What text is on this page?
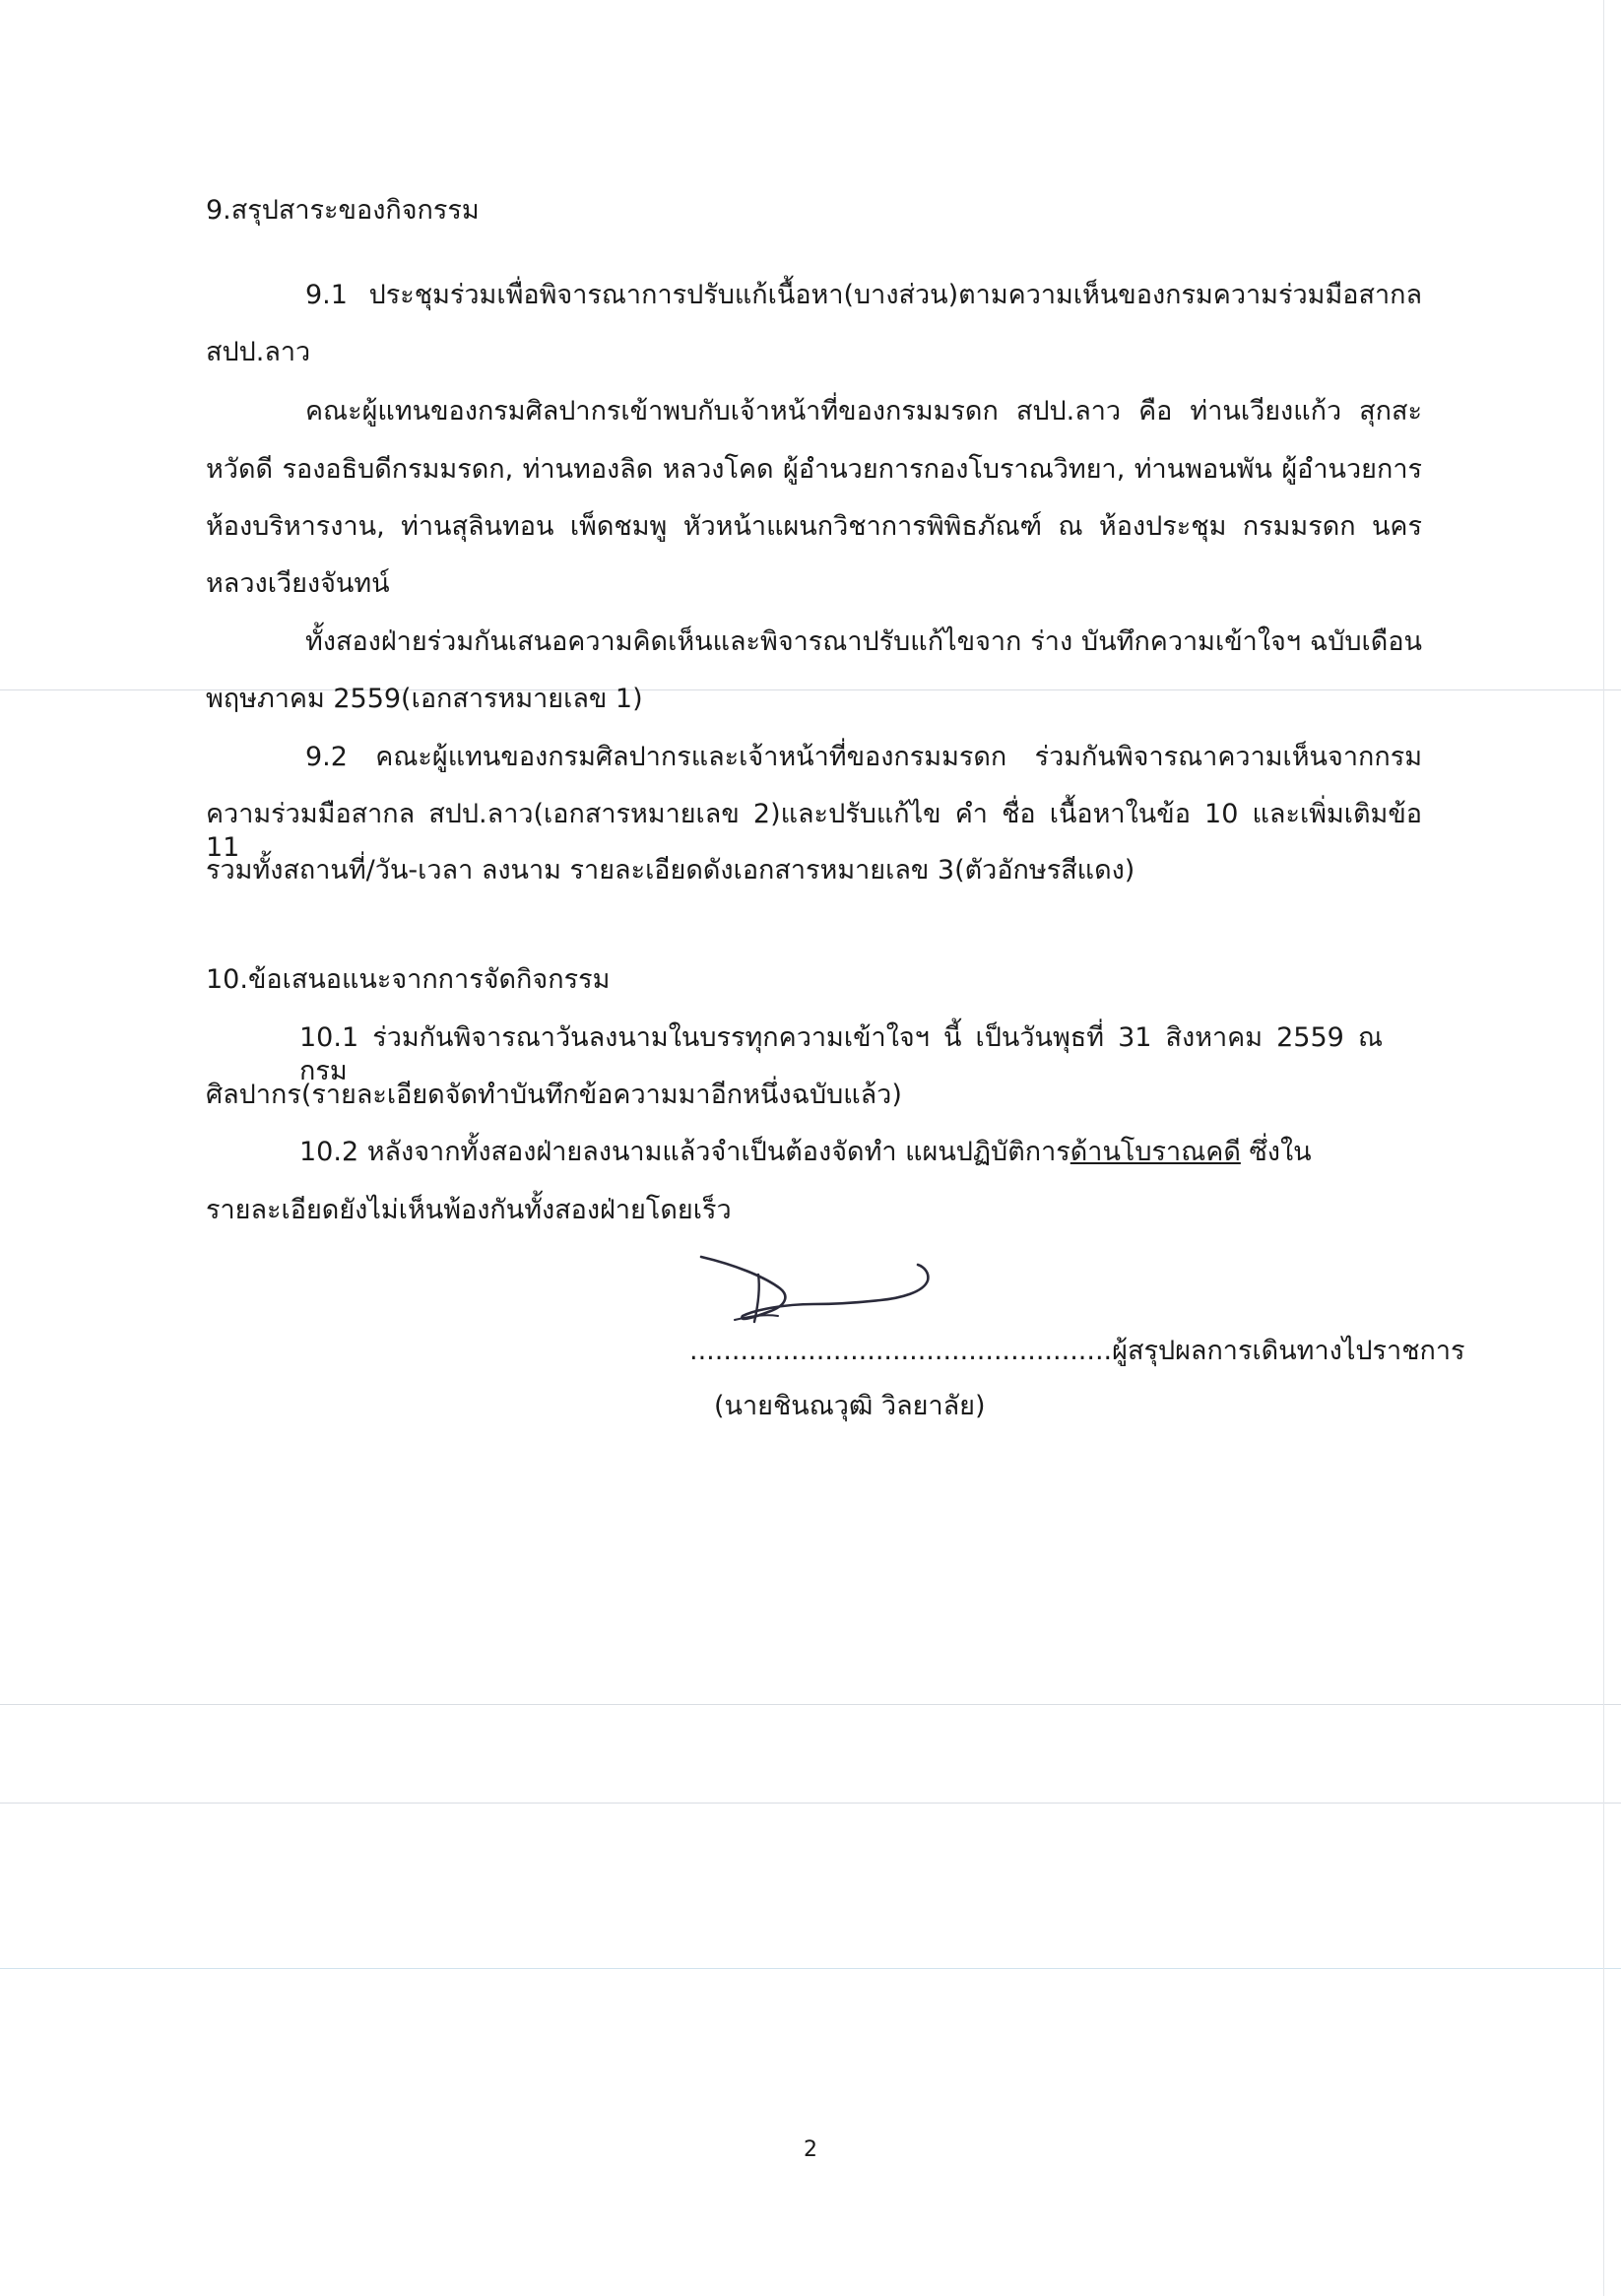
9.สรุปสาระของกิจกรรม
9.1 ประชุมร่วมเพื่อพิจารณาการปรับแก้เนื้อหา(บางส่วน)ตามความเห็นของกรมความร่วมมือสากล
สปป.ลาว
คณะผู้แทนของกรมศิลปากรเข้าพบกับเจ้าหน้าที่ของกรมมรดก สปป.ลาว คือ ท่านเวียงแก้ว สุกสะ
หวัดดี รองอธิบดีกรมมรดก, ท่านทองลิด หลวงโคด ผู้อำนวยการกองโบราณวิทยา, ท่านพอนพัน ผู้อำนวยการ
ห้องบริหารงาน, ท่านสุลินทอน เพ็ดชมพู หัวหน้าแผนกวิชาการพิพิธภัณฑ์ ณ ห้องประชุม กรมมรดก นคร
หลวงเวียงจันทน์
ทั้งสองฝ่ายร่วมกันเสนอความคิดเห็นและพิจารณาปรับแก้ไขจาก ร่าง บันทึกความเข้าใจฯ ฉบับเดือน
พฤษภาคม 2559(เอกสารหมายเลข 1)
9.2 คณะผู้แทนของกรมศิลปากรและเจ้าหน้าที่ของกรมมรดก ร่วมกันพิจารณาความเห็นจากกรม
ความร่วมมือสากล สปป.ลาว(เอกสารหมายเลข 2)และปรับแก้ไข คำ ชื่อ เนื้อหาในข้อ 10 และเพิ่มเติมข้อ 11
รวมทั้งสถานที่/วัน-เวลา ลงนาม รายละเอียดดังเอกสารหมายเลข 3(ตัวอักษรสีแดง)
10.ข้อเสนอแนะจากการจัดกิจกรรม
10.1 ร่วมกันพิจารณาวันลงนามในบรรทุกความเข้าใจฯ นี้ เป็นวันพุธที่ 31 สิงหาคม 2559 ณ กรม
ศิลปากร(รายละเอียดจัดทำบันทึกข้อความมาอีกหนึ่งฉบับแล้ว)
10.2 หลังจากทั้งสองฝ่ายลงนามแล้วจำเป็นต้องจัดทำ แผนปฏิบัติการด้านโบราณคดี ซึ่งใน
รายละเอียดยังไม่เห็นพ้องกันทั้งสองฝ่ายโดยเร็ว
..................................................ผู้สรุปผลการเดินทางไปราชการ
(นายชินณวุฒิ วิลยาลัย)
2
